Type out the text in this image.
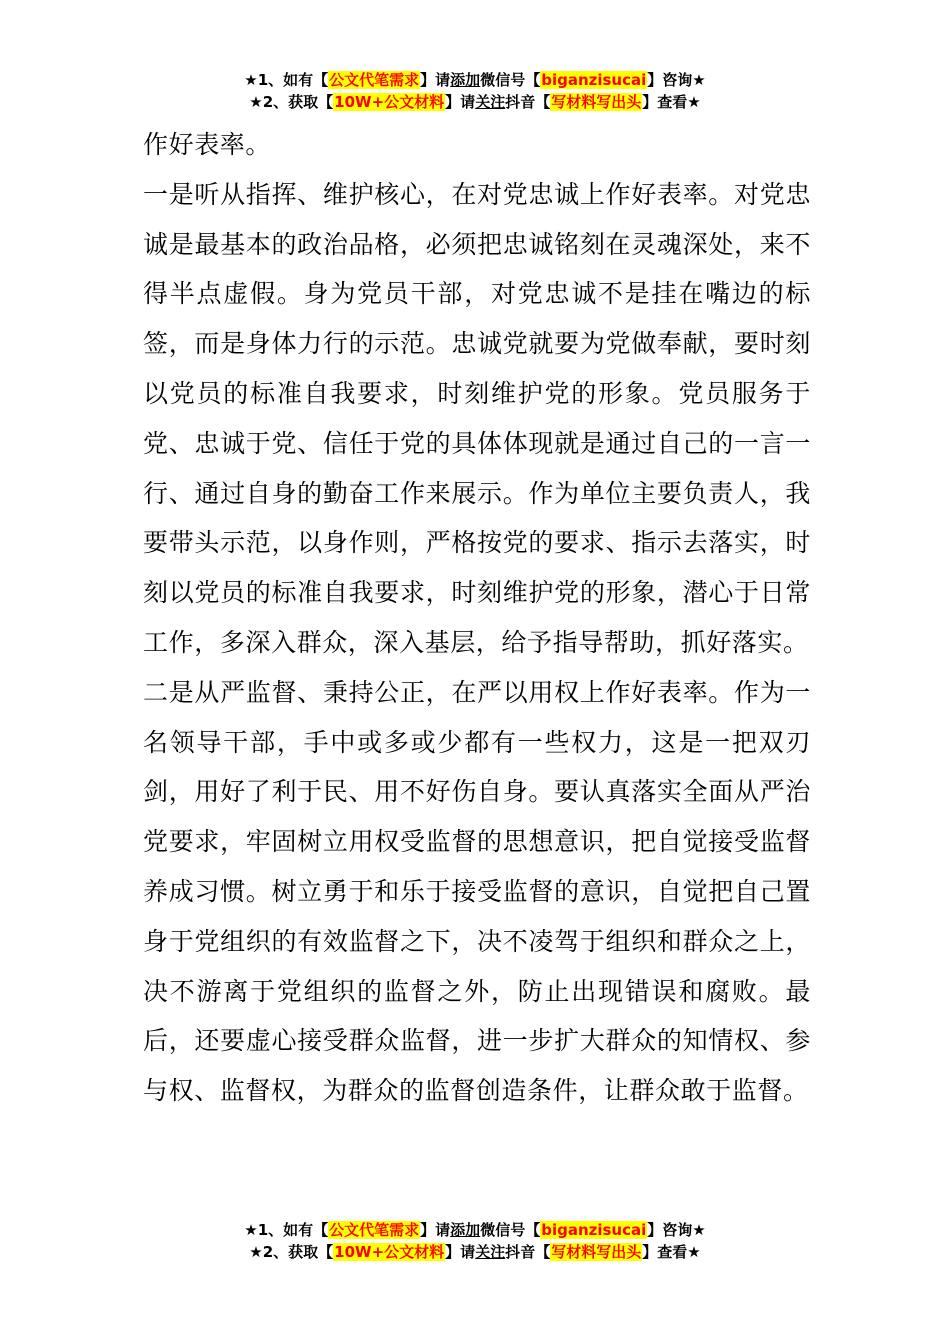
★1、如有【公文代笔需求】请添加微信号【biganzisucai】咨询★
★2、获取【10W+公文材料】请关注抖音【写材料写出头】查看★

作好表率。

一是听从指挥、维护核心，在对党忠诚上作好表率。对党忠诚是最基本的政治品格，必须把忠诚铭刻在灵魂深处，来不得半点虚假。身为党员干部，对党忠诚不是挂在嘴边的标签，而是身体力行的示范。忠诚党就要为党做奉献，要时刻以党员的标准自我要求，时刻维护党的形象。党员服务于党、忠诚于党、信任于党的具体体现就是通过自己的一言一行、通过自身的勤奋工作来展示。作为单位主要负责人，我要带头示范，以身作则，严格按党的要求、指示去落实，时刻以党员的标准自我要求，时刻维护党的形象，潜心于日常工作，多深入群众，深入基层，给予指导帮助，抓好落实。

二是从严监督、秉持公正，在严以用权上作好表率。作为一名领导干部，手中或多或少都有一些权力，这是一把双刃剑，用好了利于民、用不好伤自身。要认真落实全面从严治党要求，牢固树立用权受监督的思想意识，把自觉接受监督养成习惯。树立勇于和乐于接受监督的意识，自觉把自己置身于党组织的有效监督之下，决不凌驾于组织和群众之上，决不游离于党组织的监督之外，防止出现错误和腐败。最后，还要虚心接受群众监督，进一步扩大群众的知情权、参与权、监督权，为群众的监督创造条件，让群众敢于监督。

★1、如有【公文代笔需求】请添加微信号【biganzisucai】咨询★
★2、获取【10W+公文材料】请关注抖音【写材料写出头】查看★
